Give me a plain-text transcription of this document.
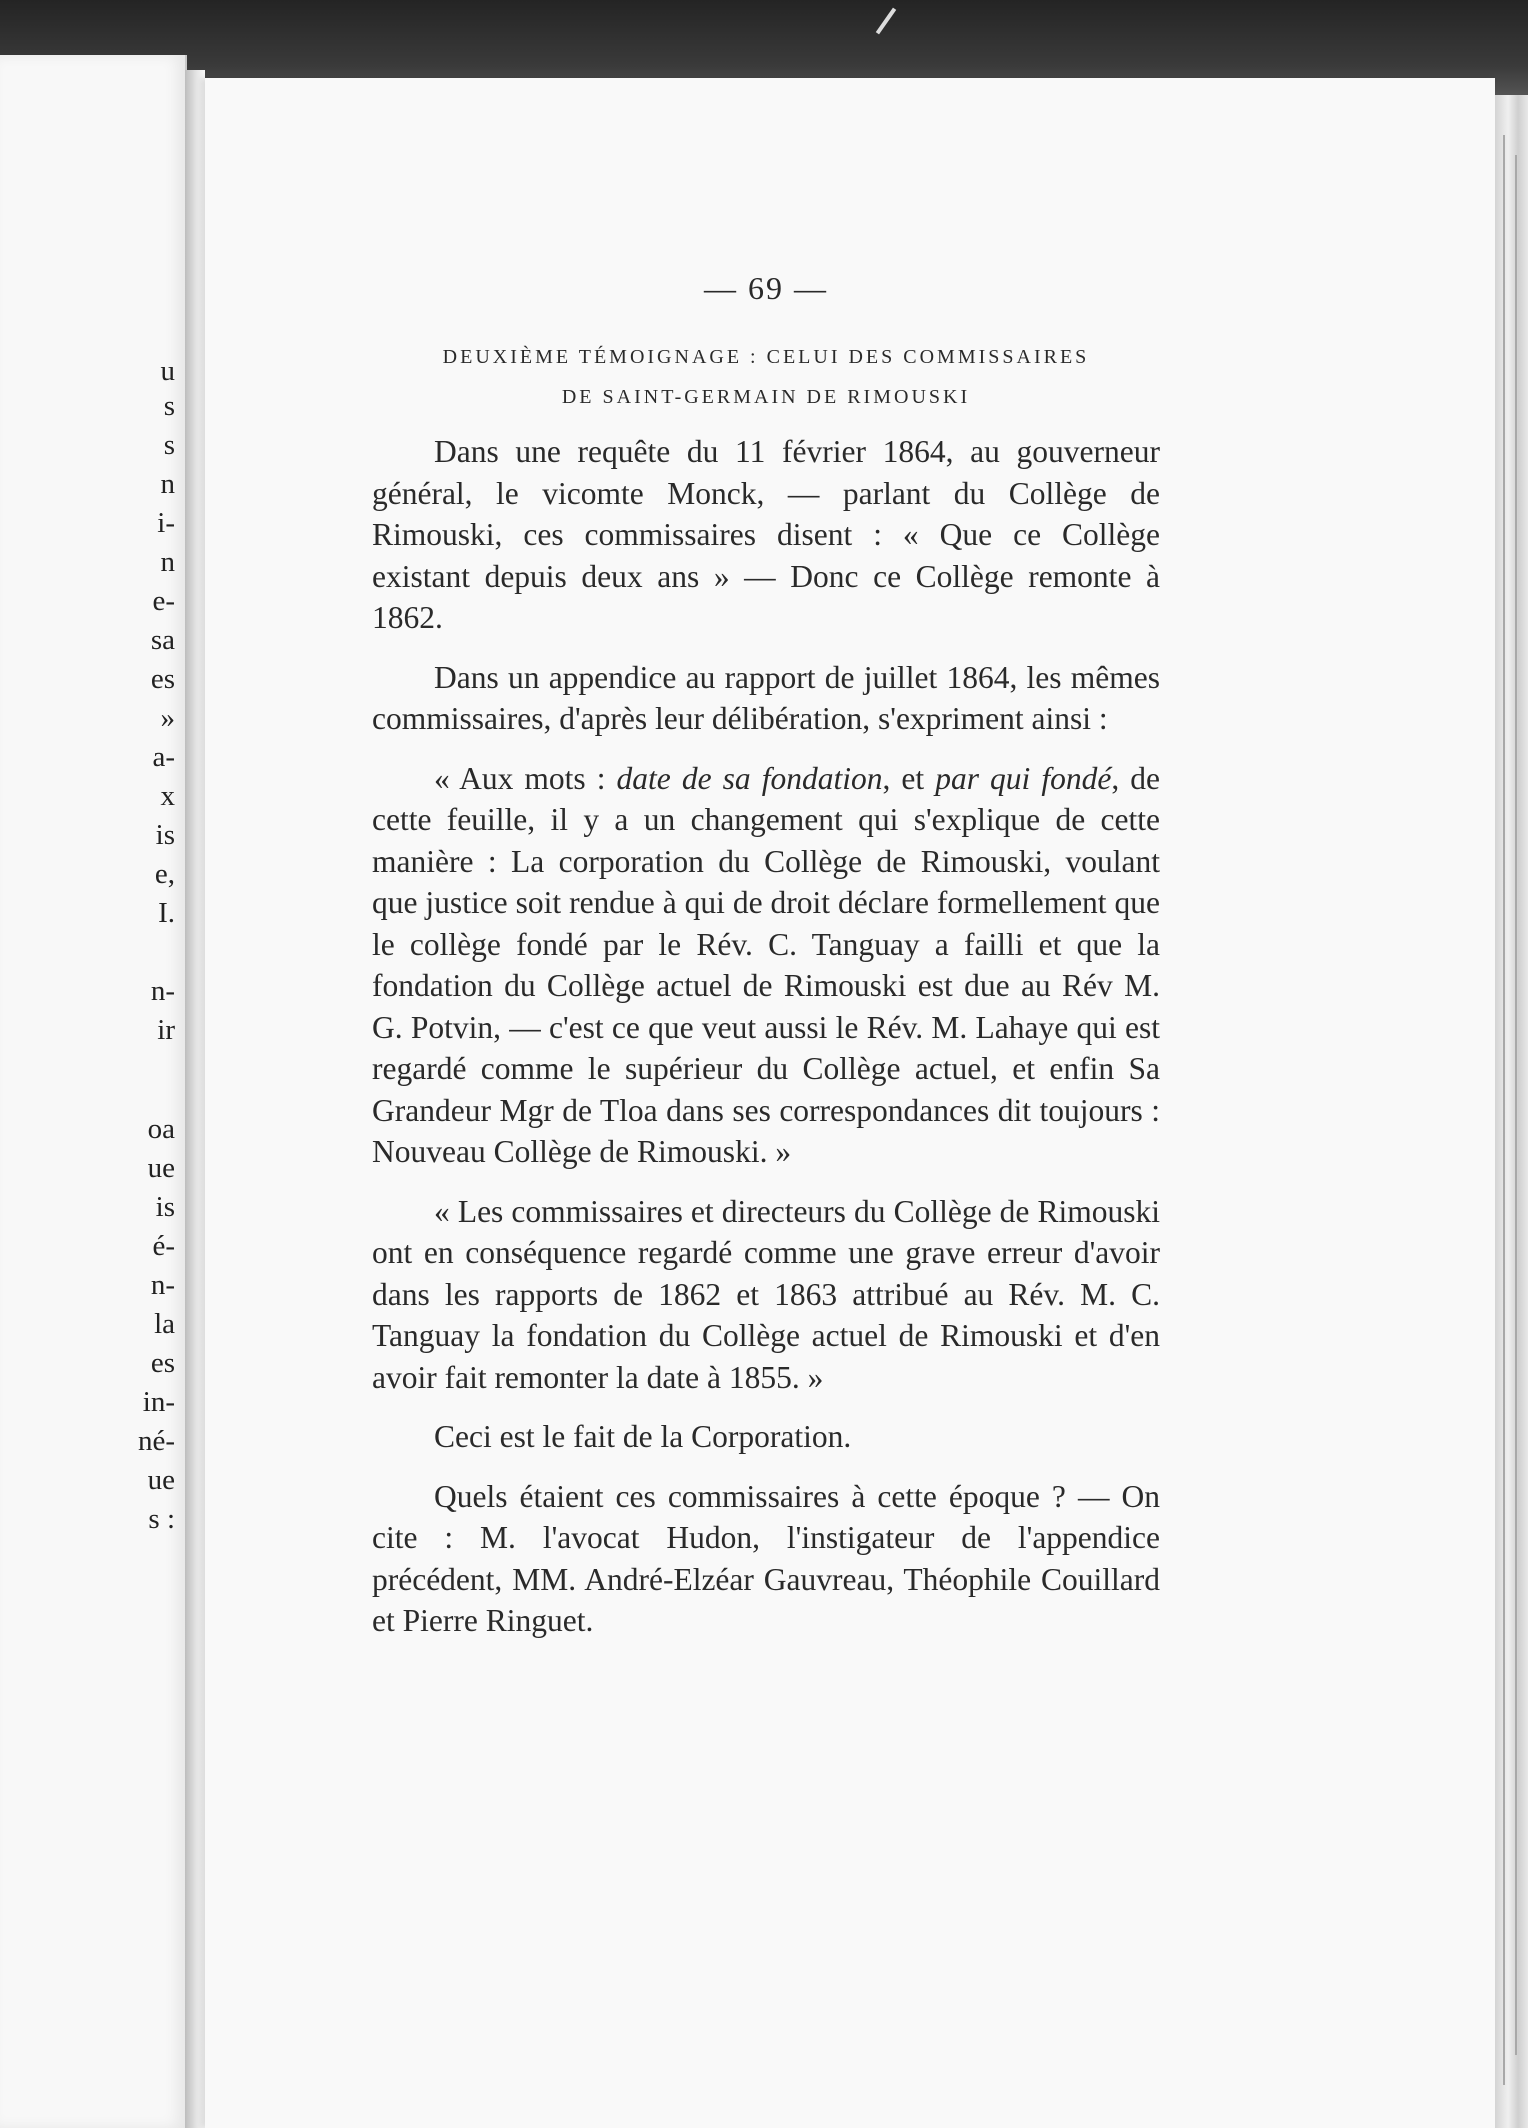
u
s
s
n
i-
n
e-
sa
es
»
a-
x
is
e,
I.
n-
ir
oa
ue
is
é-
n-
la
es
in-
né-
ue
s :
— 69 —
DEUXIÈME TÉMOIGNAGE : CELUI DES COMMISSAIRES
DE SAINT-GERMAIN DE RIMOUSKI

Dans une requête du 11 février 1864, au gouverneur général, le vicomte Monck, — parlant du Collège de Rimouski, ces commissaires disent : « Que ce Collège existant depuis deux ans » — Donc ce Collège remonte à 1862.

Dans un appendice au rapport de juillet 1864, les mêmes commissaires, d'après leur délibération, s'expriment ainsi :

« Aux mots : date de sa fondation, et par qui fondé, de cette feuille, il y a un changement qui s'explique de cette manière : La corporation du Collège de Rimouski, voulant que justice soit rendue à qui de droit déclare formellement que le collège fondé par le Rév. C. Tanguay a failli et que la fondation du Collège actuel de Rimouski est due au Rév M. G. Potvin, — c'est ce que veut aussi le Rév. M. Lahaye qui est regardé comme le supérieur du Collège actuel, et enfin Sa Grandeur Mgr de Tloa dans ses correspondances dit toujours : Nouveau Collège de Rimouski. »

« Les commissaires et directeurs du Collège de Rimouski ont en conséquence regardé comme une grave erreur d'avoir dans les rapports de 1862 et 1863 attribué au Rév. M. C. Tanguay la fondation du Collège actuel de Rimouski et d'en avoir fait remonter la date à 1855. »

Ceci est le fait de la Corporation.

Quels étaient ces commissaires à cette époque ? — On cite : M. l'avocat Hudon, l'instigateur de l'appendice précédent, MM. André-Elzéar Gauvreau, Théophile Couillard et Pierre Ringuet.
